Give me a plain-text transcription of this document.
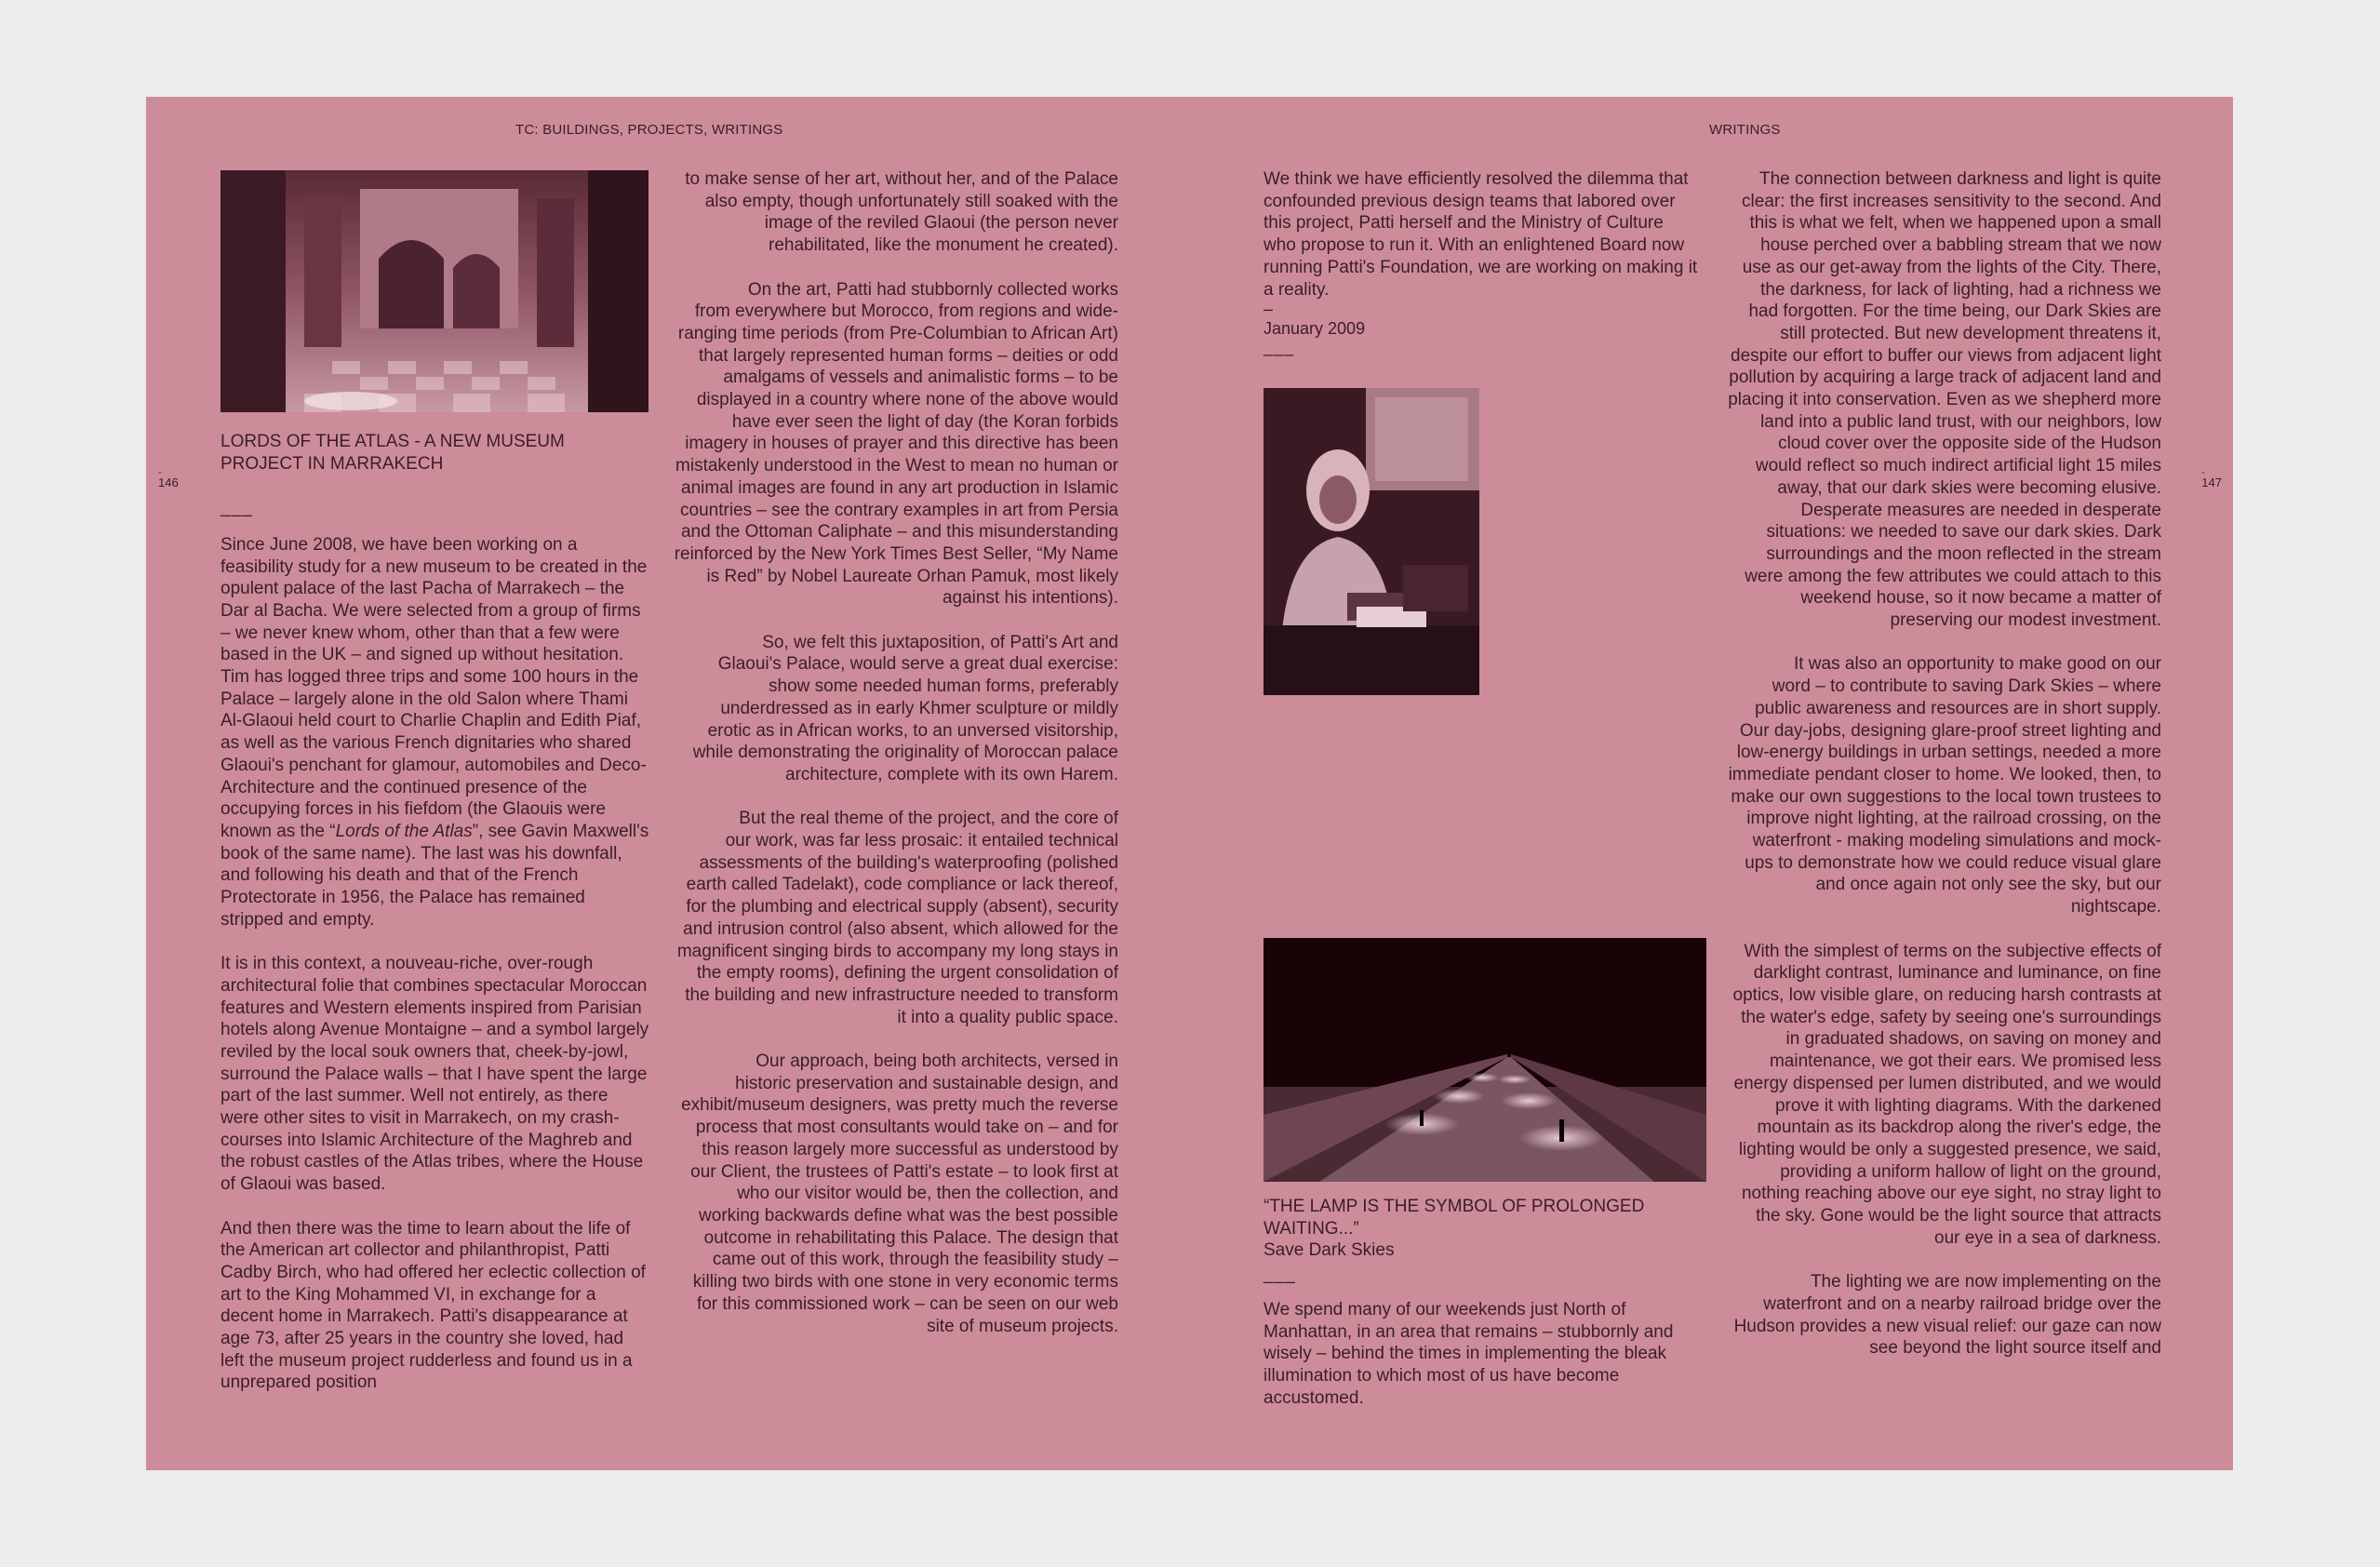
TC: BUILDINGS, PROJECTS, WRITINGS	WRITINGS
- 146
-	147

LORDS OF THE ATLAS - A NEW MUSEUM PROJECT IN MARRAKECH

___

Since June 2008, we have been working on a feasibility study for a new museum to be created in the opulent palace of the last Pacha of Marrakech – the Dar al Bacha. We were selected from a group of firms – we never knew whom, other than that a few were based in the UK – and signed up without hesitation. Tim has logged three trips and some 100 hours in the Palace – largely alone in the old Salon where Thami Al-Glaoui held court to Charlie Chaplin and Edith Piaf, as well as the various French dignitaries who shared Glaoui's penchant for glamour, automobiles and Deco-Architecture and the continued presence of the occupying forces in his fiefdom (the Glaouis were known as the “Lords of the Atlas”, see Gavin Maxwell's book of the same name). The last was his downfall, and following his death and that of the French Protectorate in 1956, the Palace has remained stripped and empty.

It is in this context, a nouveau-riche, over-rough architectural folie that combines spectacular Moroccan features and Western elements inspired from Parisian hotels along Avenue Montaigne – and a symbol largely reviled by the local souk owners that, cheek-by-jowl, surround the Palace walls – that I have spent the large part of the last summer. Well not entirely, as there were other sites to visit in Marrakech, on my crash-courses into Islamic Architecture of the Maghreb and the robust castles of the Atlas tribes, where the House of Glaoui was based.

And then there was the time to learn about the life of the American art collector and philanthropist, Patti Cadby Birch, who had offered her eclectic collection of art to the King Mohammed VI, in exchange for a decent home in Marrakech. Patti's disappearance at age 73, after 25 years in the country she loved, had left the museum project rudderless and found us in a unprepared position

to make sense of her art, without her, and of the Palace also empty, though unfortunately still soaked with the image of the reviled Glaoui (the person never rehabilitated, like the monument he created).

On the art, Patti had stubbornly collected works from everywhere but Morocco, from regions and wide-ranging time periods (from Pre-Columbian to African Art) that largely represented human forms – deities or odd amalgams of vessels and animalistic forms – to be displayed in a country where none of the above would have ever seen the light of day (the Koran forbids imagery in houses of prayer and this directive has been mistakenly understood in the West to mean no human or animal images are found in any art production in Islamic countries – see the contrary examples in art from Persia and the Ottoman Caliphate – and this misunderstanding reinforced by the New York Times Best Seller, “My Name is Red” by Nobel Laureate Orhan Pamuk, most likely against his intentions).

So, we felt this juxtaposition, of Patti's Art and Glaoui's Palace, would serve a great dual exercise: show some needed human forms, preferably underdressed as in early Khmer sculpture or mildly erotic as in African works, to an unversed visitorship, while demonstrating the originality of Moroccan palace architecture, complete with its own Harem.

But the real theme of the project, and the core of our work, was far less prosaic: it entailed technical assessments of the building's waterproofing (polished earth called Tadelakt), code compliance or lack thereof, for the plumbing and electrical supply (absent), security and intrusion control (also absent, which allowed for the magnificent singing birds to accompany my long stays in the empty rooms), defining the urgent consolidation of the building and new infrastructure needed to transform it into a quality public space.

Our approach, being both architects, versed in historic preservation and sustainable design, and exhibit/museum designers, was pretty much the reverse process that most consultants would take on – and for this reason largely more successful as understood by our Client, the trustees of Patti's estate – to look first at who our visitor would be, then the collection, and working backwards define what was the best possible outcome in rehabilitating this Palace. The design that came out of this work, through the feasibility study – killing two birds with one stone in very economic terms for this commissioned work – can be seen on our web site of museum projects.

We think we have efficiently resolved the dilemma that confounded previous design teams that labored over this project, Patti herself and the Ministry of Culture who propose to run it. With an enlightened Board now running Patti's Foundation, we are working on making it a reality.

–
January 2009
___

“THE LAMP IS THE SYMBOL OF PROLONGED WAITING...”

Save Dark Skies
___

We spend many of our weekends just North of Manhattan, in an area that remains – stubbornly and wisely – behind the times in implementing the bleak illumination to which most of us have become accustomed.

The connection between darkness and light is quite clear: the first increases sensitivity to the second. And this is what we felt, when we happened upon a small house perched over a babbling stream that we now use as our get-away from the lights of the City. There, the darkness, for lack of lighting, had a richness we had forgotten. For the time being, our Dark Skies are still protected. But new development threatens it, despite our effort to buffer our views from adjacent light pollution by acquiring a large track of adjacent land and placing it into conservation. Even as we shepherd more land into a public land trust, with our neighbors, low cloud cover over the opposite side of the Hudson would reflect so much indirect artificial light 15 miles away, that our dark skies were becoming elusive. Desperate measures are needed in desperate situations: we needed to save our dark skies. Dark surroundings and the moon reflected in the stream were among the few attributes we could attach to this weekend house, so it now became a matter of preserving our modest investment.

It was also an opportunity to make good on our word – to contribute to saving Dark Skies – where public awareness and resources are in short supply. Our day-jobs, designing glare-proof street lighting and low-energy buildings in urban settings, needed a more immediate pendant closer to home. We looked, then, to make our own suggestions to the local town trustees to improve night lighting, at the railroad crossing, on the waterfront - making modeling simulations and mock-ups to demonstrate how we could reduce visual glare and once again not only see the sky, but our nightscape.

With the simplest of terms on the subjective effects of darklight contrast, luminance and luminance, on fine optics, low visible glare, on reducing harsh contrasts at the water's edge, safety by seeing one's surroundings in graduated shadows, on saving on money and maintenance, we got their ears. We promised less energy dispensed per lumen distributed, and we would prove it with lighting diagrams. With the darkened mountain as its backdrop along the river's edge, the lighting would be only a suggested presence, we said, providing a uniform hallow of light on the ground, nothing reaching above our eye sight, no stray light to the sky. Gone would be the light source that attracts our eye in a sea of darkness.

The lighting we are now implementing on the waterfront and on a nearby railroad bridge over the Hudson provides a new visual relief: our gaze can now see beyond the light source itself and
